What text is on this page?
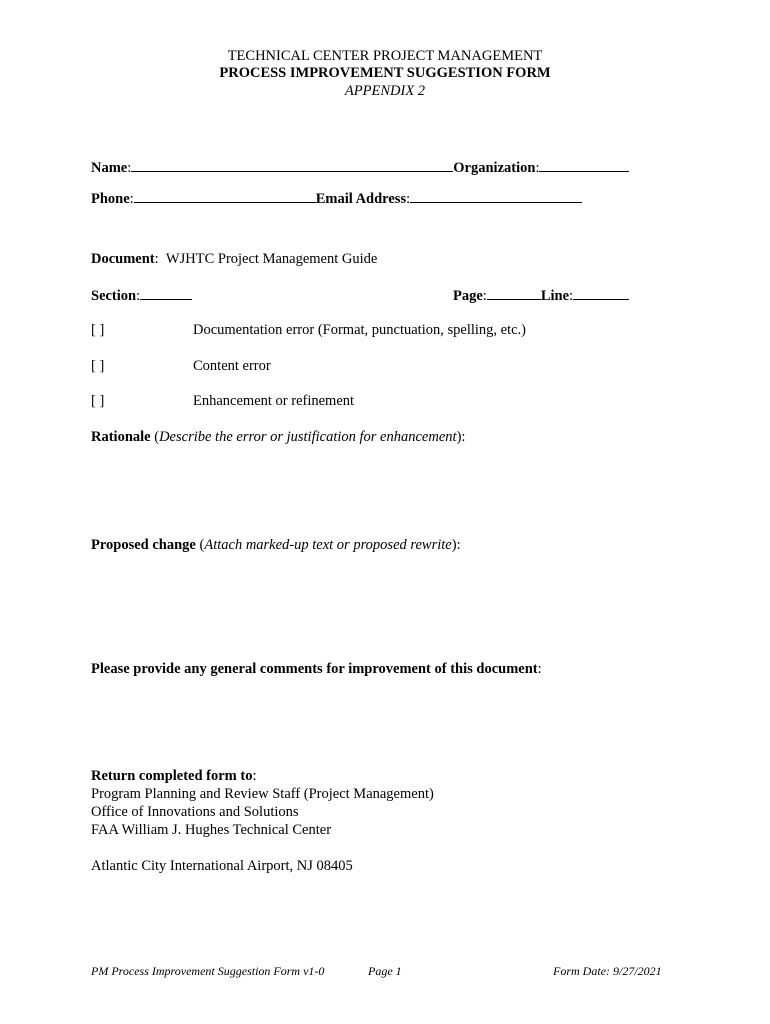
TECHNICAL CENTER PROJECT MANAGEMENT
PROCESS IMPROVEMENT SUGGESTION FORM
APPENDIX 2
Name:	Organization:
Phone:	Email Address:
Document: WJHTC Project Management Guide
Section:	Page:	Line:
[ ]	Documentation error (Format, punctuation, spelling, etc.)
[ ]	Content error
[ ]	Enhancement or refinement
Rationale (Describe the error or justification for enhancement):
Proposed change (Attach marked-up text or proposed rewrite):
Please provide any general comments for improvement of this document:
Return completed form to:
Program Planning and Review Staff (Project Management)
Office of Innovations and Solutions
FAA William J. Hughes Technical Center
Atlantic City International Airport, NJ 08405
PM Process Improvement Suggestion Form v1-0	Page 1	Form Date: 9/27/2021
